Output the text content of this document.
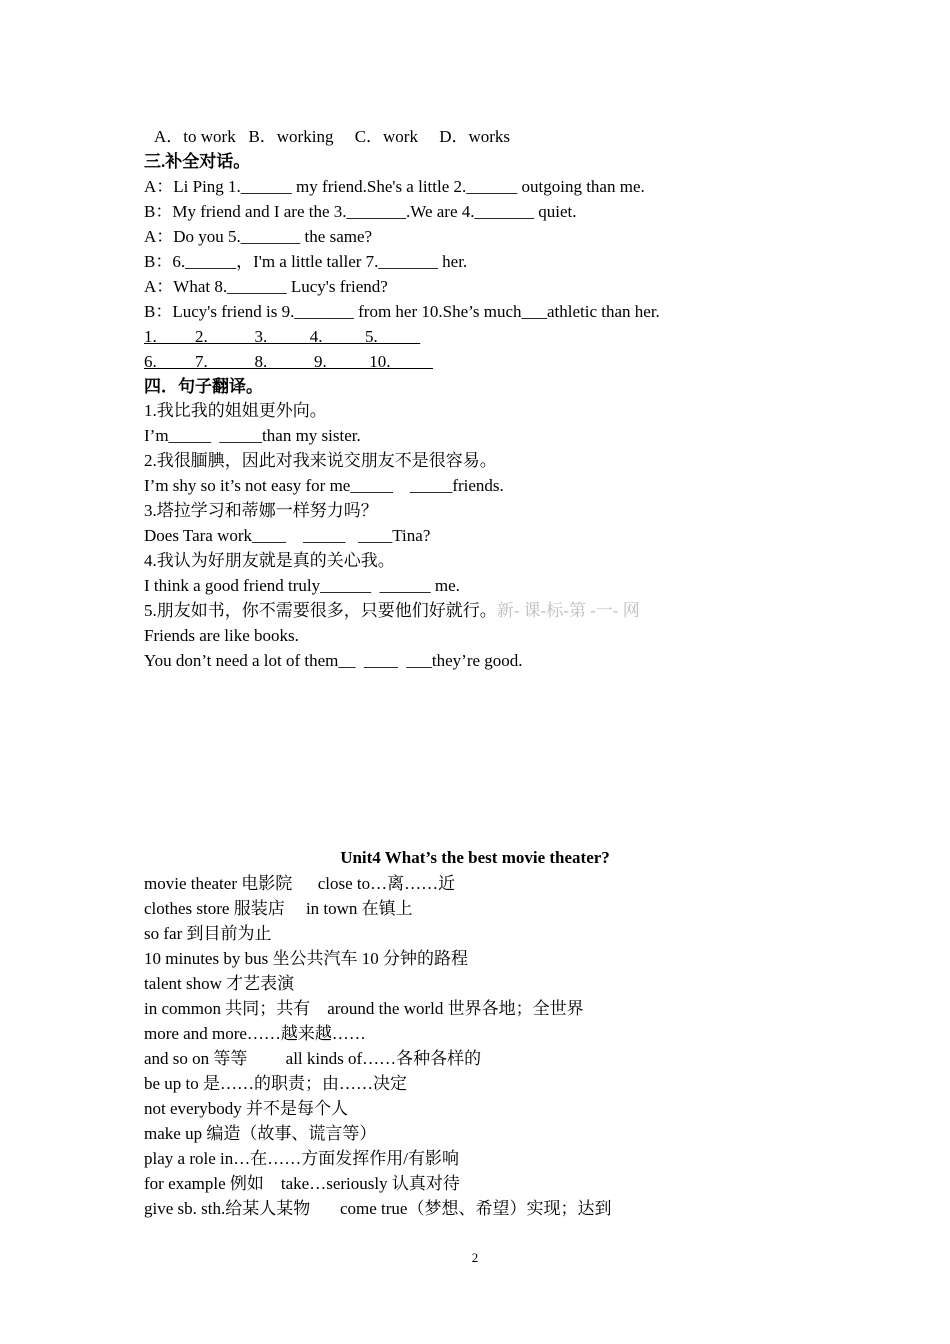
A．to work   B．working     C．work     D．works
三.补全对话。
A：Li Ping 1.______ my friend.She's a little 2.______ outgoing than me.
B：My friend and I are the 3._______.We are 4._______ quiet.
A：Do you 5._______ the same?
B：6.______，I'm a little taller 7._______ her.
A：What 8._______ Lucy's friend?
B：Lucy's friend is 9._______ from her 10.She’s much___athletic than her.
1.         2.           3.          4.          5.
6.         7.           8.           9.          10.
四．句子翻译。
1.我比我的姐姐更外向。
I’m_____  _____than my sister.
2.我很腼腆，因此对我来说交朋友不是很容易。
I’m shy so it’s not easy for me_____    _____friends.
3.塔拉学习和蒂娜一样努力吗？
Does Tara work____    _____   ____Tina?
4.我认为好朋友就是真的关心我。
I think a good friend truly______  ______ me.
5.朋友如书，你不需要很多，只要他们好就行。新- 课-标-第 -一- 网
Friends are like books.
You don’t need a lot of them__  ____  ___they’re good.
Unit4 What’s the best movie theater?
movie theater 电影院      close to…离……近
clothes store 服装店     in town 在镇上
so far 到目前为止
10 minutes by bus 坐公共汽车 10 分钟的路程
talent show 才艺表演
in common 共同；共有    around the world 世界各地；全世界
more and more……越来越……
and so on 等等         all kinds of……各种各样的
be up to 是……的职责；由……决定
not everybody 并不是每个人
make up 编造（故事、谎言等）
play a role in…在……方面发挥作用/有影响
for example 例如    take…seriously 认真对待
give sb. sth.给某人某物       come true（梦想、希望）实现；达到
2
